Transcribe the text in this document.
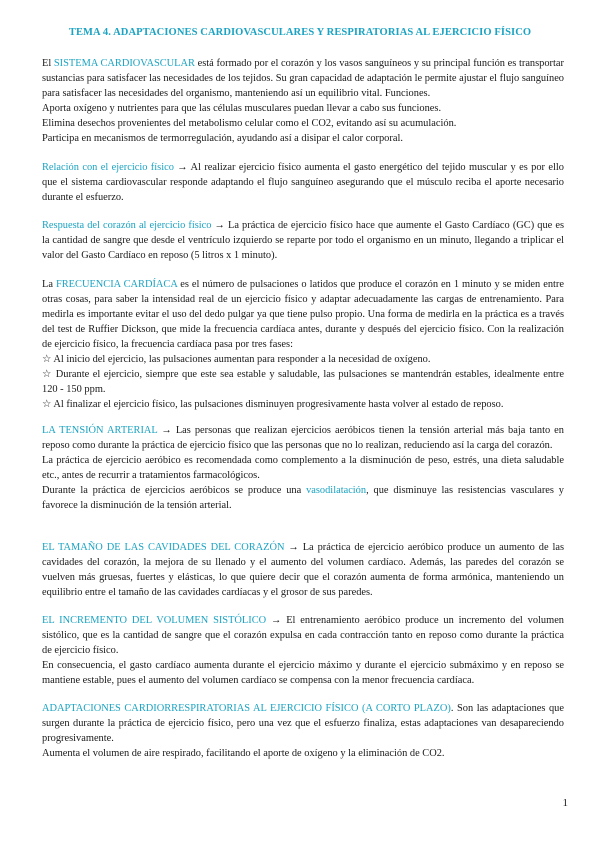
TEMA 4. ADAPTACIONES CARDIOVASCULARES Y RESPIRATORIAS AL EJERCICIO FÍSICO

El SISTEMA CARDIOVASCULAR está formado por el corazón y los vasos sanguíneos y su principal función es transportar sustancias para satisfacer las necesidades de los tejidos. Su gran capacidad de adaptación le permite ajustar el flujo sanguíneo para satisfacer las necesidades del organismo, manteniendo así un equilibrio vital. Funciones.

Aporta oxígeno y nutrientes para que las células musculares puedan llevar a cabo sus funciones.
Elimina desechos provenientes del metabolismo celular como el CO2, evitando así su acumulación.
Participa en mecanismos de termorregulación, ayudando así a disipar el calor corporal.

Relación con el ejercicio físico → Al realizar ejercicio físico aumenta el gasto energético del tejido muscular y es por ello que el sistema cardiovascular responde adaptando el flujo sanguíneo asegurando que el músculo reciba el aporte necesario durante el esfuerzo.

Respuesta del corazón al ejercicio físico → La práctica de ejercicio físico hace que aumente el Gasto Cardíaco (GC) que es la cantidad de sangre que desde el ventrículo izquierdo se reparte por todo el organismo en un minuto, llegando a triplicar el valor del Gasto Cardíaco en reposo (5 litros x 1 minuto).

La FRECUENCIA CARDÍACA es el número de pulsaciones o latidos que produce el corazón en 1 minuto y se miden entre otras cosas, para saber la intensidad real de un ejercicio físico y adaptar adecuadamente las cargas de entrenamiento. Para medirla es importante evitar el uso del dedo pulgar ya que tiene pulso propio. Una forma de medirla en la práctica es a través del test de Ruffier Dickson, que mide la frecuencia cardíaca antes, durante y después del ejercicio físico. Con la realización de ejercicio físico, la frecuencia cardíaca pasa por tres fases:

☆ Al inicio del ejercicio, las pulsaciones aumentan para responder a la necesidad de oxígeno.
☆ Durante el ejercicio, siempre que este sea estable y saludable, las pulsaciones se mantendrán estables, idealmente entre 120 - 150 ppm.
☆ Al finalizar el ejercicio físico, las pulsaciones disminuyen progresivamente hasta volver al estado de reposo.

LA TENSIÓN ARTERIAL → Las personas que realizan ejercicios aeróbicos tienen la tensión arterial más baja tanto en reposo como durante la práctica de ejercicio físico que las personas que no lo realizan, reduciendo así la carga del corazón.

La práctica de ejercicio aeróbico es recomendada como complemento a la disminución de peso, estrés, una dieta saludable etc., antes de recurrir a tratamientos farmacológicos.

Durante la práctica de ejercicios aeróbicos se produce una vasodilatación, que disminuye las resistencias vasculares y favorece la disminución de la tensión arterial.

EL TAMAÑO DE LAS CAVIDADES DEL CORAZÓN → La práctica de ejercicio aeróbico produce un aumento de las cavidades del corazón, la mejora de su llenado y el aumento del volumen cardíaco. Además, las paredes del corazón se vuelven más gruesas, fuertes y elásticas, lo que quiere decir que el corazón aumenta de forma armónica, manteniendo un equilibrio entre el tamaño de las cavidades cardíacas y el grosor de sus paredes.

EL INCREMENTO DEL VOLUMEN SISTÓLICO → El entrenamiento aeróbico produce un incremento del volumen sistólico, que es la cantidad de sangre que el corazón expulsa en cada contracción tanto en reposo como durante la práctica de ejercicio físico.

En consecuencia, el gasto cardíaco aumenta durante el ejercicio máximo y durante el ejercicio submáximo y en reposo se mantiene estable, pues el aumento del volumen cardíaco se compensa con la menor frecuencia cardíaca.

ADAPTACIONES CARDIORRESPIRATORIAS AL EJERCICIO FÍSICO (A CORTO PLAZO). Son las adaptaciones que surgen durante la práctica de ejercicio físico, pero una vez que el esfuerzo finaliza, estas adaptaciones van desapareciendo progresivamente.

Aumenta el volumen de aire respirado, facilitando el aporte de oxígeno y la eliminación de CO2.
1
